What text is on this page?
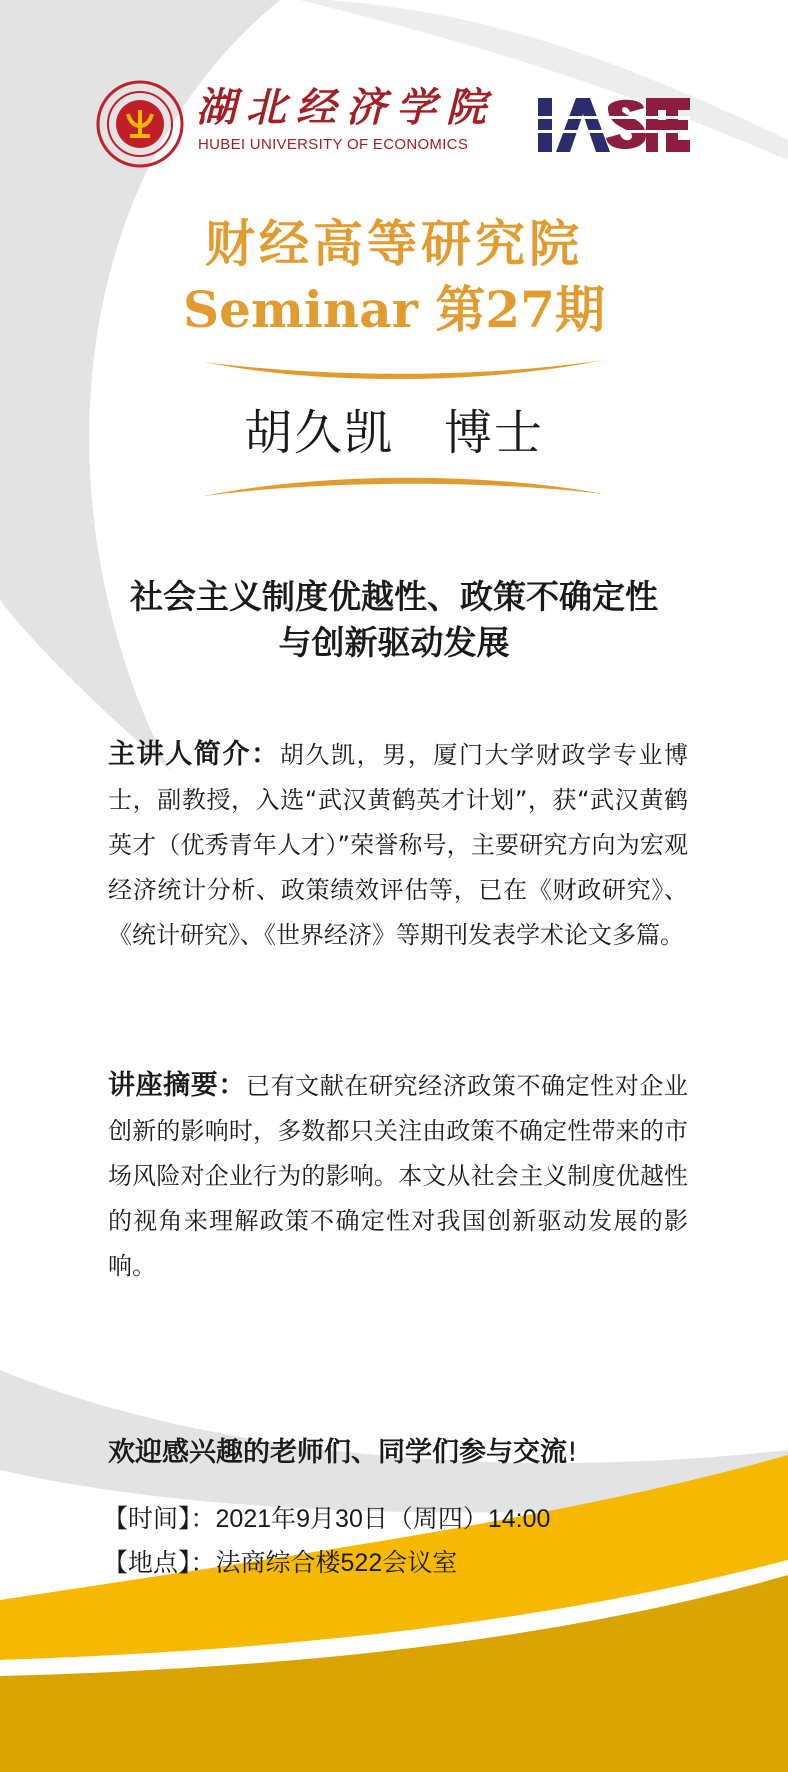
湖北经济学院
HUBEI UNIVERSITY OF ECONOMICS
财经高等研究院
Seminar 第27期
胡久凯　博士
社会主义制度优越性、政策不确定性
与创新驱动发展
主讲人简介：胡久凯，男，厦门大学财政学专业博士，副教授，入选“武汉黄鹤英才计划”，获“武汉黄鹤英才（优秀青年人才）”荣誉称号，主要研究方向为宏观经济统计分析、政策绩效评估等，已在《财政研究》、《统计研究》、《世界经济》等期刊发表学术论文多篇。
讲座摘要：已有文献在研究经济政策不确定性对企业创新的影响时，多数都只关注由政策不确定性带来的市场风险对企业行为的影响。本文从社会主义制度优越性的视角来理解政策不确定性对我国创新驱动发展的影响。
欢迎感兴趣的老师们、同学们参与交流!
【时间】：2021年9月30日（周四）14:00
【地点】：法商综合楼522会议室
